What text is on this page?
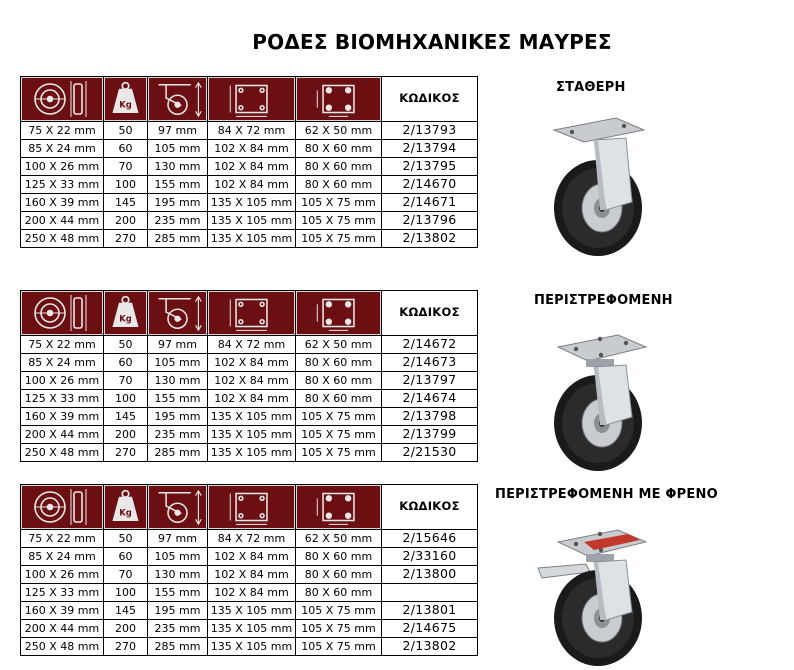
ΡΟΔΕΣ ΒΙΟΜΗΧΑΝΙΚΕΣ ΜΑΥΡΕΣ

Kg				ΚΩΔΙΚΟΣ
75 X 22 mm	50	97 mm	84 X 72 mm	62 X 50 mm	2/13793
85 X 24 mm	60	105 mm	102 X 84 mm	80 X 60 mm	2/13794
100 X 26 mm	70	130 mm	102 X 84 mm	80 X 60 mm	2/13795
125 X 33 mm	100	155 mm	102 X 84 mm	80 X 60 mm	2/14670
160 X 39 mm	145	195 mm	135 X 105 mm	105 X 75 mm	2/14671
200 X 44 mm	200	235 mm	135 X 105 mm	105 X 75 mm	2/13796
250 X 48 mm	270	285 mm	135 X 105 mm	105 X 75 mm	2/13802
ΣΤΑΘΕΡΗ

Kg				ΚΩΔΙΚΟΣ
75 X 22 mm	50	97 mm	84 X 72 mm	62 X 50 mm	2/14672
85 X 24 mm	60	105 mm	102 X 84 mm	80 X 60 mm	2/14673
100 X 26 mm	70	130 mm	102 X 84 mm	80 X 60 mm	2/13797
125 X 33 mm	100	155 mm	102 X 84 mm	80 X 60 mm	2/14674
160 X 39 mm	145	195 mm	135 X 105 mm	105 X 75 mm	2/13798
200 X 44 mm	200	235 mm	135 X 105 mm	105 X 75 mm	2/13799
250 X 48 mm	270	285 mm	135 X 105 mm	105 X 75 mm	2/21530
ΠΕΡΙΣΤΡΕΦΟΜΕΝΗ

Kg				ΚΩΔΙΚΟΣ
75 X 22 mm	50	97 mm	84 X 72 mm	62 X 50 mm	2/15646
85 X 24 mm	60	105 mm	102 X 84 mm	80 X 60 mm	2/33160
100 X 26 mm	70	130 mm	102 X 84 mm	80 X 60 mm	2/13800
125 X 33 mm	100	155 mm	102 X 84 mm	80 X 60 mm	
160 X 39 mm	145	195 mm	135 X 105 mm	105 X 75 mm	2/13801
200 X 44 mm	200	235 mm	135 X 105 mm	105 X 75 mm	2/14675
250 X 48 mm	270	285 mm	135 X 105 mm	105 X 75 mm	2/13802
ΠΕΡΙΣΤΡΕΦΟΜΕΝΗ ΜΕ ΦΡΕΝΟ
